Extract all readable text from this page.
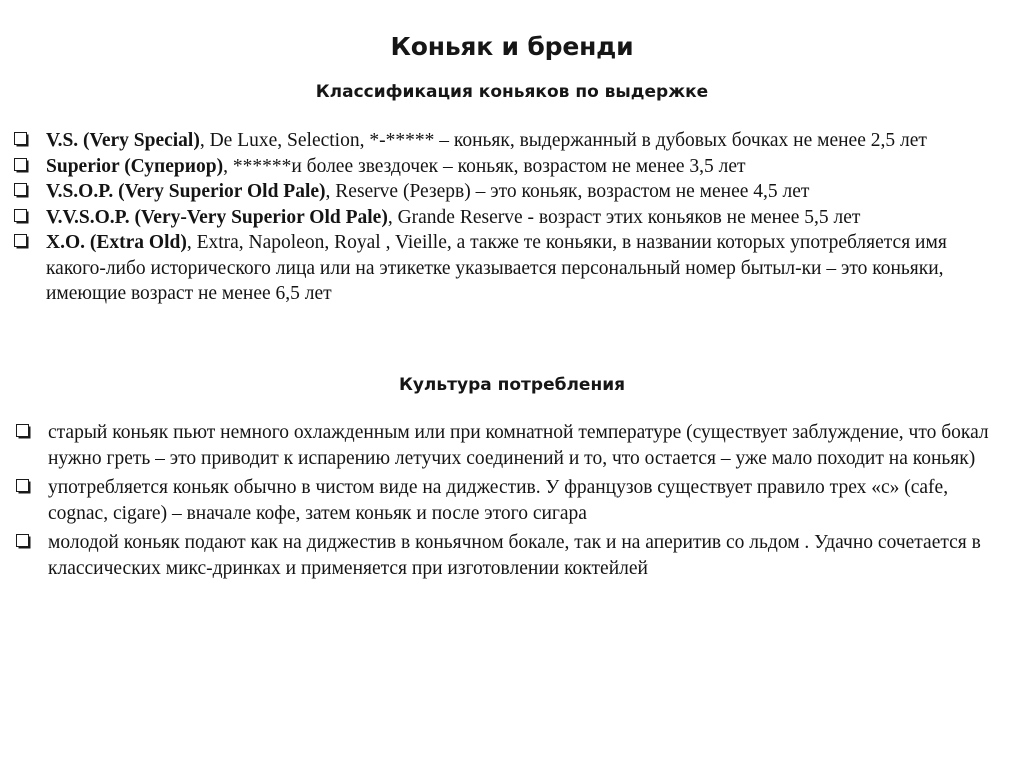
Коньяк и бренди
Классификация коньяков по выдержке
V.S. (Very Special), De Luxe, Selection, *-***** – коньяк, выдержанный в дубовых бочках не менее 2,5 лет
Superior (Супериор), ******и более звездочек – коньяк, возрастом не менее 3,5 лет
V.S.O.P. (Very Superior Old Pale), Reserve (Резерв) – это коньяк, возрастом не менее 4,5 лет
V.V.S.O.P. (Very-Very Superior Old Pale), Grande Reserve - возраст этих коньяков не менее 5,5 лет
X.O. (Extra Old), Extra, Napoleon, Royal , Vieille, а также те коньяки, в названии которых употребляется имя какого-либо исторического лица или на этикетке указывается персональный номер бытыл-ки – это коньяки, имеющие возраст не менее 6,5 лет
Культура потребления
старый коньяк пьют немного охлажденным или при комнатной температуре (существует заблуждение, что бокал нужно греть – это приводит к испарению летучих соединений и то, что остается – уже мало походит на коньяк)
употребляется коньяк обычно в чистом виде на диджестив. У французов существует правило трех «с» (cafe, cognac, cigare) – вначале кофе, затем коньяк и после этого сигара
молодой коньяк подают как на диджестив в коньячном бокале, так и на аперитив со льдом . Удачно сочетается в классических микс-дринках и применяется при изготовлении коктейлей
